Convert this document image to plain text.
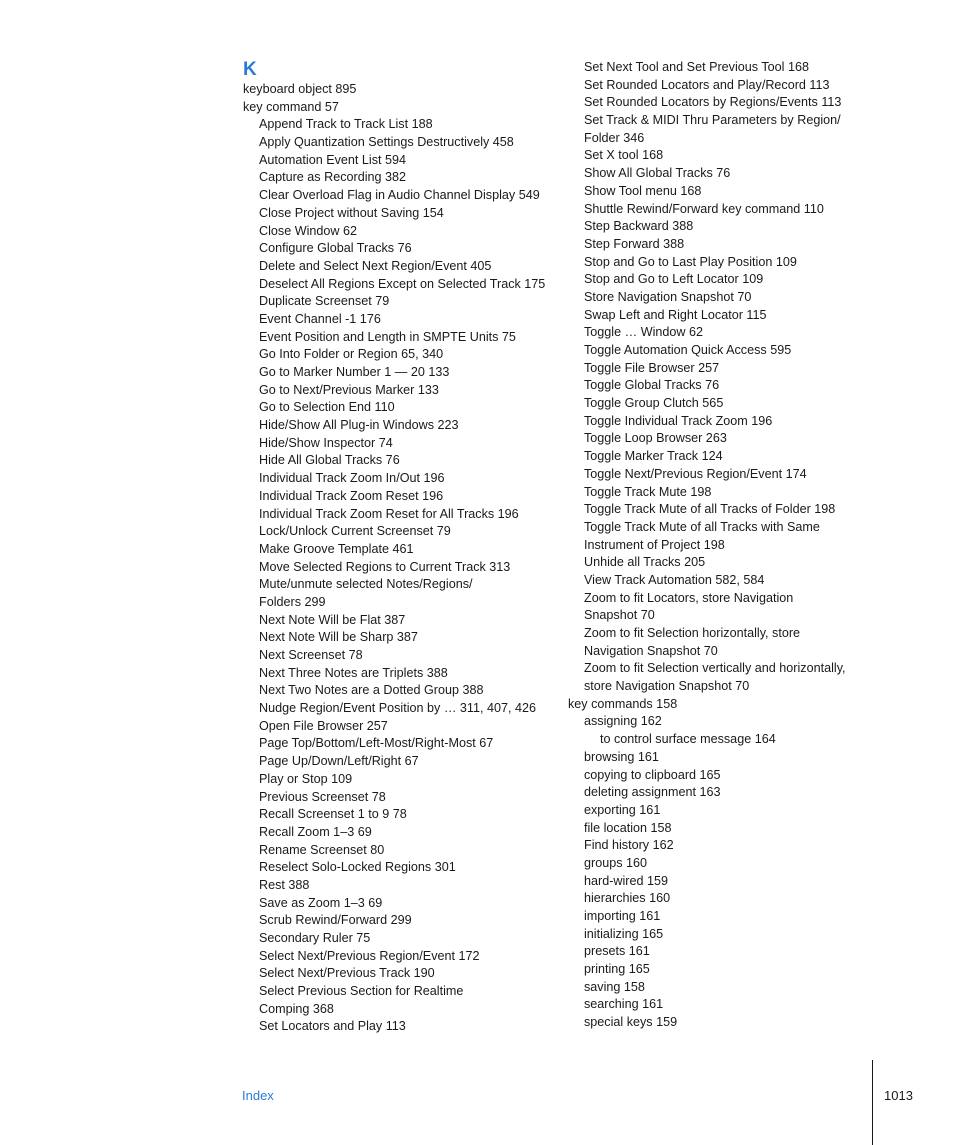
K
keyboard object 895
key command 57
Append Track to Track List 188
Apply Quantization Settings Destructively 458
Automation Event List 594
Capture as Recording 382
Clear Overload Flag in Audio Channel Display 549
Close Project without Saving 154
Close Window 62
Configure Global Tracks 76
Delete and Select Next Region/Event 405
Deselect All Regions Except on Selected Track 175
Duplicate Screenset 79
Event Channel -1 176
Event Position and Length in SMPTE Units 75
Go Into Folder or Region 65, 340
Go to Marker Number 1 — 20 133
Go to Next/Previous Marker 133
Go to Selection End 110
Hide/Show All Plug-in Windows 223
Hide/Show Inspector 74
Hide All Global Tracks 76
Individual Track Zoom In/Out 196
Individual Track Zoom Reset 196
Individual Track Zoom Reset for All Tracks 196
Lock/Unlock Current Screenset 79
Make Groove Template 461
Move Selected Regions to Current Track 313
Mute/unmute selected Notes/Regions/
Folders 299
Next Note Will be Flat 387
Next Note Will be Sharp 387
Next Screenset 78
Next Three Notes are Triplets 388
Next Two Notes are a Dotted Group 388
Nudge Region/Event Position by … 311, 407, 426
Open File Browser 257
Page Top/Bottom/Left-Most/Right-Most 67
Page Up/Down/Left/Right 67
Play or Stop 109
Previous Screenset 78
Recall Screenset 1 to 9 78
Recall Zoom 1–3 69
Rename Screenset 80
Reselect Solo-Locked Regions 301
Rest 388
Save as Zoom 1–3 69
Scrub Rewind/Forward 299
Secondary Ruler 75
Select Next/Previous Region/Event 172
Select Next/Previous Track 190
Select Previous Section for Realtime
Comping 368
Set Locators and Play 113
Set Next Tool and Set Previous Tool 168
Set Rounded Locators and Play/Record 113
Set Rounded Locators by Regions/Events 113
Set Track & MIDI Thru Parameters by Region/
Folder 346
Set X tool 168
Show All Global Tracks 76
Show Tool menu 168
Shuttle Rewind/Forward key command 110
Step Backward 388
Step Forward 388
Stop and Go to Last Play Position 109
Stop and Go to Left Locator 109
Store Navigation Snapshot 70
Swap Left and Right Locator 115
Toggle … Window 62
Toggle Automation Quick Access 595
Toggle File Browser 257
Toggle Global Tracks 76
Toggle Group Clutch 565
Toggle Individual Track Zoom 196
Toggle Loop Browser 263
Toggle Marker Track 124
Toggle Next/Previous Region/Event 174
Toggle Track Mute 198
Toggle Track Mute of all Tracks of Folder 198
Toggle Track Mute of all Tracks with Same
Instrument of Project 198
Unhide all Tracks 205
View Track Automation 582, 584
Zoom to fit Locators, store Navigation
Snapshot 70
Zoom to fit Selection horizontally, store
Navigation Snapshot 70
Zoom to fit Selection vertically and horizontally,
store Navigation Snapshot 70
key commands 158
assigning 162
to control surface message 164
browsing 161
copying to clipboard 165
deleting assignment 163
exporting 161
file location 158
Find history 162
groups 160
hard-wired 159
hierarchies 160
importing 161
initializing 165
presets 161
printing 165
saving 158
searching 161
special keys 159
Index	1013
